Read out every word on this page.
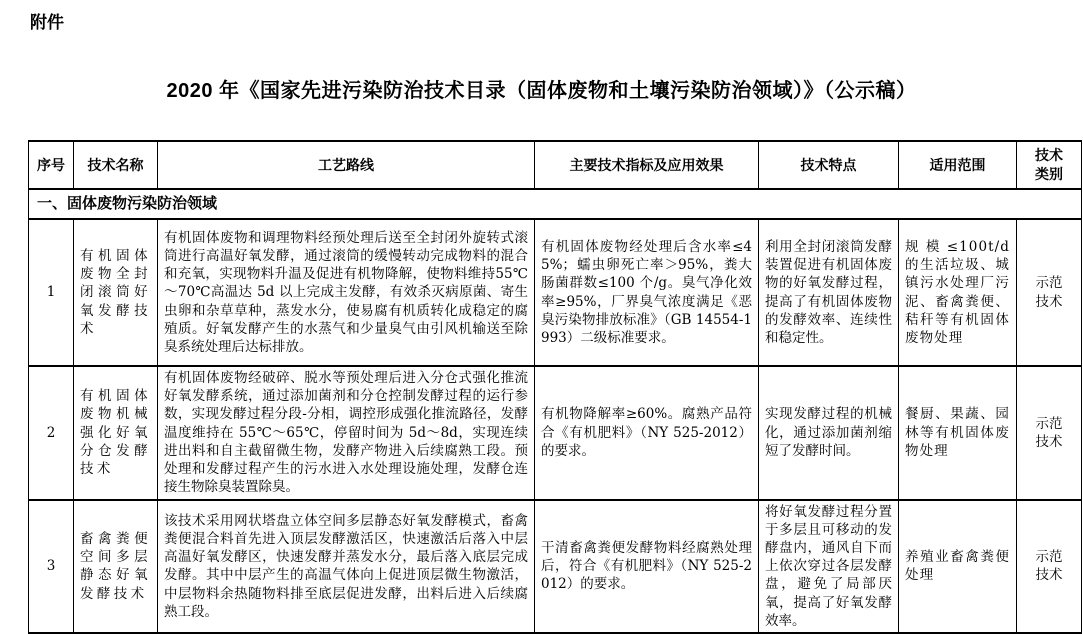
附件
2020 年《国家先进污染防治技术目录（固体废物和土壤污染防治领域）》（公示稿）
序号	技术名称	工艺路线	主要技术指标及应用效果	技术特点	适用范围	技术类别
一、固体废物污染防治领域						
1	有机固体废物全封闭滚筒好氧发酵技术	有机固体废物和调理物料经预处理后送至全封闭外旋转式滚筒进行高温好氧发酵，通过滚筒的缓慢转动完成物料的混合和充氧，实现物料升温及促进有机物降解，使物料维持55℃～70℃高温达 5d 以上完成主发酵，有效杀灭病原菌、寄生虫卵和杂草草种，蒸发水分，使易腐有机质转化成稳定的腐殖质。好氧发酵产生的水蒸气和少量臭气由引风机输送至除臭系统处理后达标排放。	有机固体废物经处理后含水率≤45%；蠕虫卵死亡率＞95%，粪大肠菌群数≤100 个/g。臭气净化效率≥95%，厂界臭气浓度满足《恶臭污染物排放标准》（GB 14554-1993）二级标准要求。	利用全封闭滚筒发酵装置促进有机固体废物的好氧发酵过程，提高了有机固体废物的发酵效率、连续性和稳定性。	规模≤100t/d 的生活垃圾、城镇污水处理厂污泥、畜禽粪便、秸秆等有机固体废物处理	示范技术
2	有机固体废物机械强化好氧分仓发酵技术	有机固体废物经破碎、脱水等预处理后进入分仓式强化推流好氧发酵系统，通过添加菌剂和分仓控制发酵过程的运行参数，实现发酵过程分段-分相，调控形成强化推流路径，发酵温度维持在 55℃～65℃，停留时间为 5d～8d，实现连续进出料和自主截留微生物，发酵产物进入后续腐熟工段。预处理和发酵过程产生的污水进入水处理设施处理，发酵仓连接生物除臭装置除臭。	有机物降解率≥60%。腐熟产品符合《有机肥料》（NY 525-2012）的要求。	实现发酵过程的机械化，通过添加菌剂缩短了发酵时间。	餐厨、果蔬、园林等有机固体废物处理	示范技术
3	畜禽粪便空间多层静态好氧发酵技术	该技术采用网状塔盘立体空间多层静态好氧发酵模式，畜禽粪便混合料首先进入顶层发酵激活区，快速激活后落入中层高温好氧发酵区，快速发酵并蒸发水分，最后落入底层完成发酵。其中中层产生的高温气体向上促进顶层微生物激活，中层物料余热随物料排至底层促进发酵，出料后进入后续腐熟工段。	干清畜禽粪便发酵物料经腐熟处理后，符合《有机肥料》（NY 525-2012）的要求。	将好氧发酵过程分置于多层且可移动的发酵盘内，通风自下而上依次穿过各层发酵盘，避免了局部厌氧，提高了好氧发酵效率。	养殖业畜禽粪便处理	示范技术
